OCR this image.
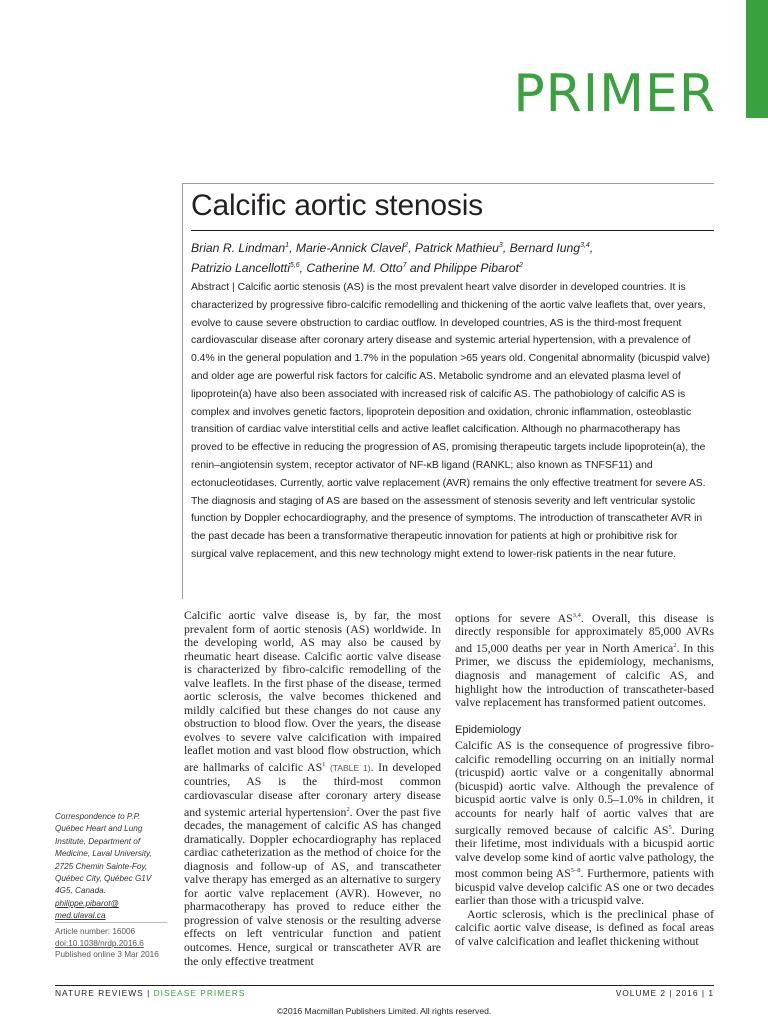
PRIMER
Calcific aortic stenosis
Brian R. Lindman$^1$, Marie-Annick Clavel$^2$, Patrick Mathieu$^3$, Bernard Iung$^{3,4}$,
Patrizio Lancellotti$^{5,6}$, Catherine M. Otto$^7$ and Philippe Pibarot$^2$
Abstract | Calcific aortic stenosis (AS) is the most prevalent heart valve disorder in developed countries. It is characterized by progressive fibro-calcific remodelling and thickening of the aortic valve leaflets that, over years, evolve to cause severe obstruction to cardiac outflow. In developed countries, AS is the third-most frequent cardiovascular disease after coronary artery disease and systemic arterial hypertension, with a prevalence of 0.4% in the general population and 1.7% in the population >65 years old. Congenital abnormality (bicuspid valve) and older age are powerful risk factors for calcific AS. Metabolic syndrome and an elevated plasma level of lipoprotein(a) have also been associated with increased risk of calcific AS. The pathobiology of calcific AS is complex and involves genetic factors, lipoprotein deposition and oxidation, chronic inflammation, osteoblastic transition of cardiac valve interstitial cells and active leaflet calcification. Although no pharmacotherapy has proved to be effective in reducing the progression of AS, promising therapeutic targets include lipoprotein(a), the renin–angiotensin system, receptor activator of NF-κB ligand (RANKL; also known as TNFSF11) and ectonucleotidases. Currently, aortic valve replacement (AVR) remains the only effective treatment for severe AS. The diagnosis and staging of AS are based on the assessment of stenosis severity and left ventricular systolic function by Doppler echocardiography, and the presence of symptoms. The introduction of transcatheter AVR in the past decade has been a transformative therapeutic innovation for patients at high or prohibitive risk for surgical valve replacement, and this new technology might extend to lower-risk patients in the near future.

Calcific aortic valve disease is, by far, the most prevalent form of aortic stenosis (AS) worldwide. In the developing world, AS may also be caused by rheumatic heart disease. Calcific aortic valve disease is characterized by fibro-calcific remodelling of the valve leaflets. In the first phase of the disease, termed aortic sclerosis, the valve becomes thickened and mildly calcified but these changes do not cause any obstruction to blood flow. Over the years, the disease evolves to severe valve calcification with impaired leaflet motion and vast blood flow obstruction, which are hallmarks of calcific $AS^1$ (TABLE 1). In developed countries, AS is the third-most common cardiovascular disease after coronary artery disease and systemic arterial hypertension$^2$. Over the past five decades, the management of calcific AS has changed dramatically. Doppler echocardiography has replaced cardiac catheterization as the method of choice for the diagnosis and follow-up of AS, and transcatheter valve therapy has emerged as an alternative to surgery for aortic valve replacement (AVR). However, no pharmacotherapy has proved to reduce either the progression of valve stenosis or the resulting adverse effects on left ventricular function and patient outcomes. Hence, surgical or transcatheter AVR are the only effective treatment

options for severe AS$^{3,4}$. Overall, this disease is directly responsible for approximately 85,000 AVRs and 15,000 deaths per year in North America$^2$. In this Primer, we discuss the epidemiology, mechanisms, diagnosis and management of calcific AS, and highlight how the introduction of transcatheter-based valve replacement has transformed patient outcomes.

Epidemiology

Calcific AS is the consequence of progressive fibro-calcific remodelling occurring on an initially normal (tricuspid) aortic valve or a congenitally abnormal (bicuspid) aortic valve. Although the prevalence of bicuspid aortic valve is only 0.5–1.0% in children, it accounts for nearly half of aortic valves that are surgically removed because of calcific $AS^5$. During their lifetime, most individuals with a bicuspid aortic valve develop some kind of aortic valve pathology, the most common being AS$^{5-8}$. Furthermore, patients with bicuspid valve develop calcific AS one or two decades earlier than those with a tricuspid valve.

Aortic sclerosis, which is the preclinical phase of calcific aortic valve disease, is defined as focal areas of valve calcification and leaflet thickening without

Correspondence to P.P. Québec Heart and Lung Institute, Department of Medicine, Laval University, 2725 Chemin Sainte-Foy, Québec City, Québec G1V 4G5, Canada.
philippe.pibarot@
med.ulaval.ca
Article number: 16006
doi:10.1038/nrdp.2016.6
Published online 3 Mar 2016
NATURE REVIEWS | DISEASE PRIMERS	VOLUME 2 | 2016 | 1
©2016 Macmillan Publishers Limited. All rights reserved.
